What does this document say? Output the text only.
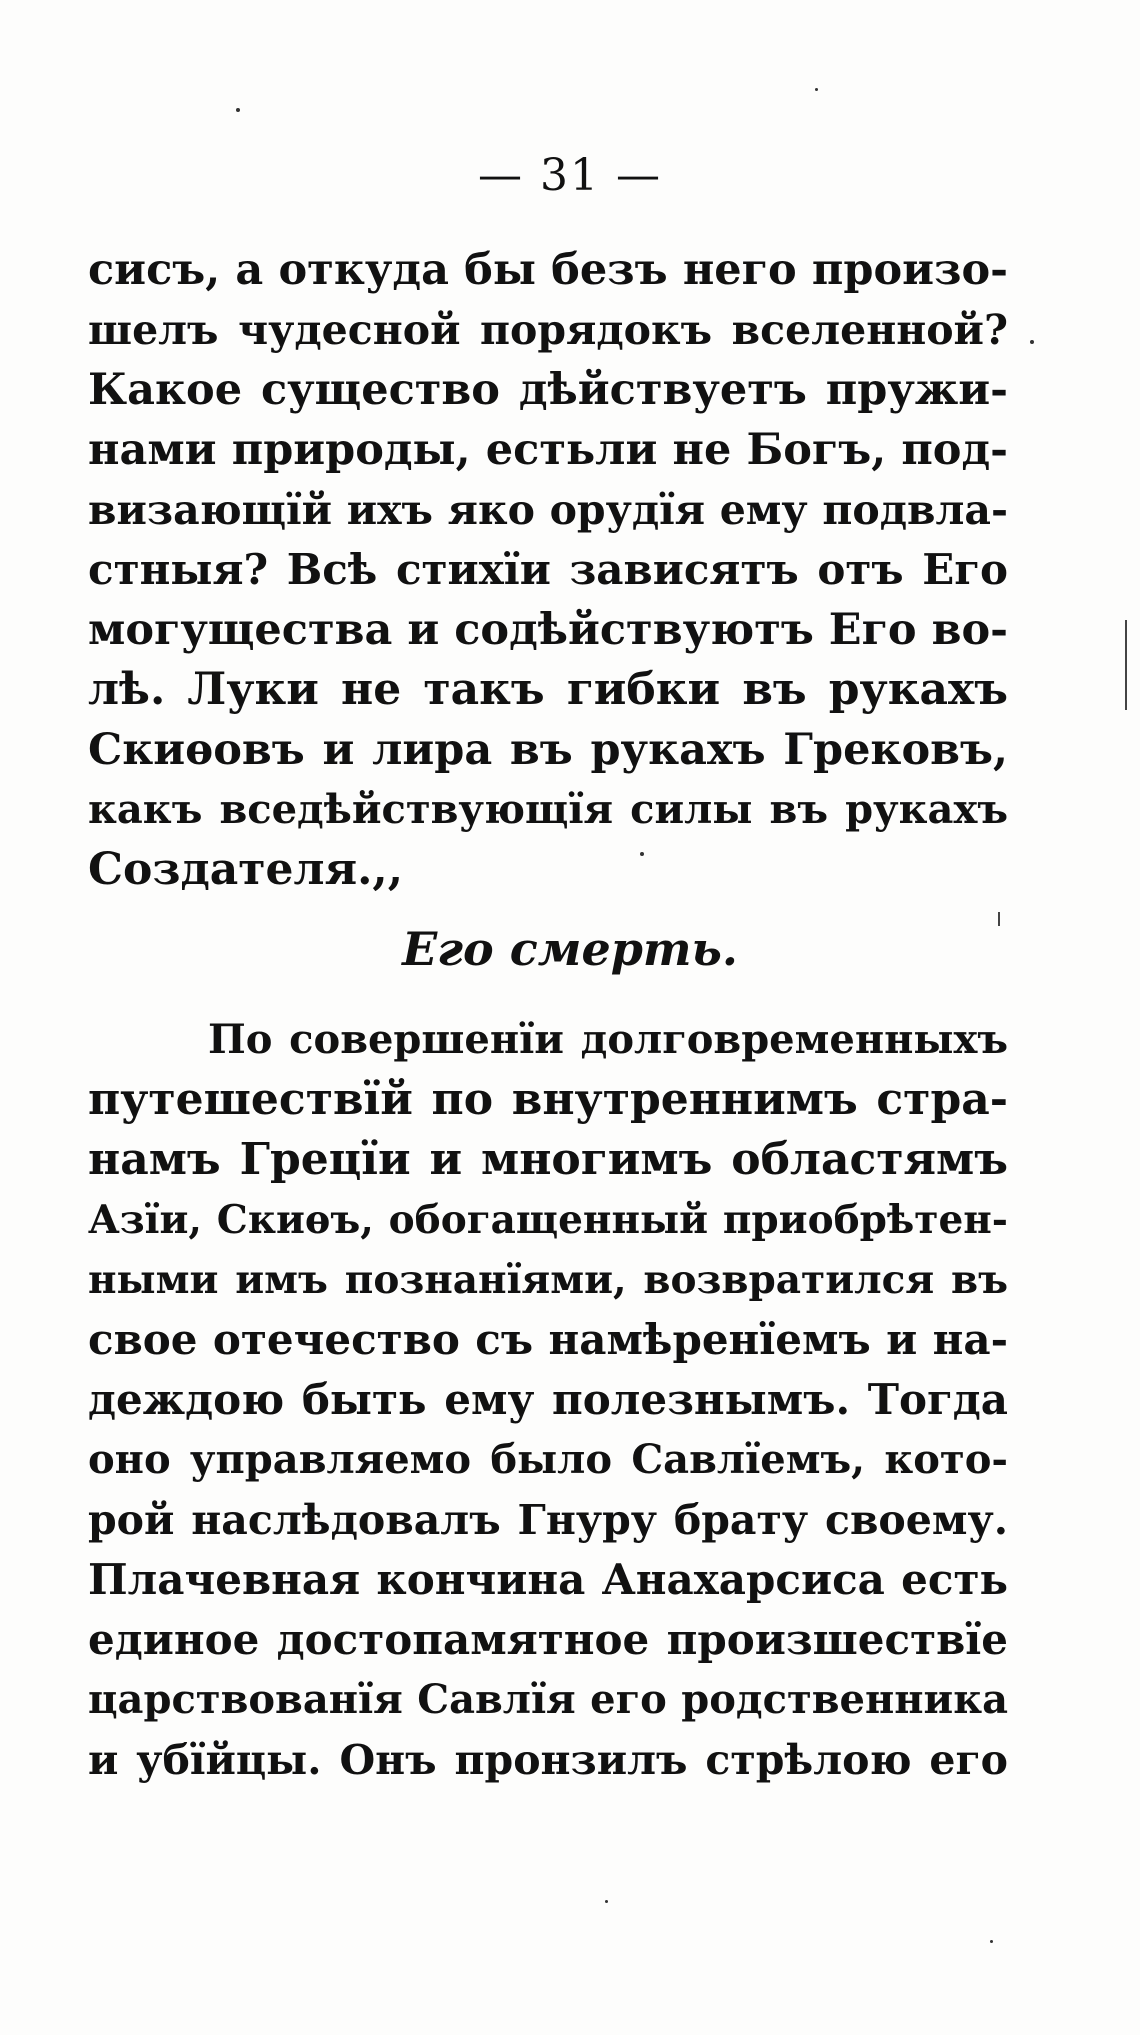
— 31 —
сисъ, а откуда бы безъ него произо-
шелъ чудесной порядокъ вселенной?
Какое существо дѣйствуетъ пружи-
нами природы, естьли не Богъ, под-
визающїй ихъ яко орудїя ему подвла-
стныя? Всѣ стихїи зависятъ отъ Его
могущества и содѣйствуютъ Его во-
лѣ. Луки не такъ гибки въ рукахъ
Скиѳовъ и лира въ рукахъ Грековъ,
какъ вседѣйствующїя силы въ рукахъ
Создателя.,,
Его смерть.
По совершенїи долговременныхъ
путешествїй по внутреннимъ стра-
намъ Грецїи и многимъ областямъ
Азїи, Скиѳъ, обогащенный приобрѣтен-
ными имъ познанїями, возвратился въ
свое отечество съ намѣренїемъ и на-
деждою быть ему полезнымъ. Тогда
оно управляемо было Савлїемъ, кото-
рой наслѣдовалъ Гнуру брату своему.
Плачевная кончина Анахарсиса есть
единое достопамятное произшествїе
царствованїя Савлїя его родственника
и убїйцы. Онъ пронзилъ стрѣлою его
